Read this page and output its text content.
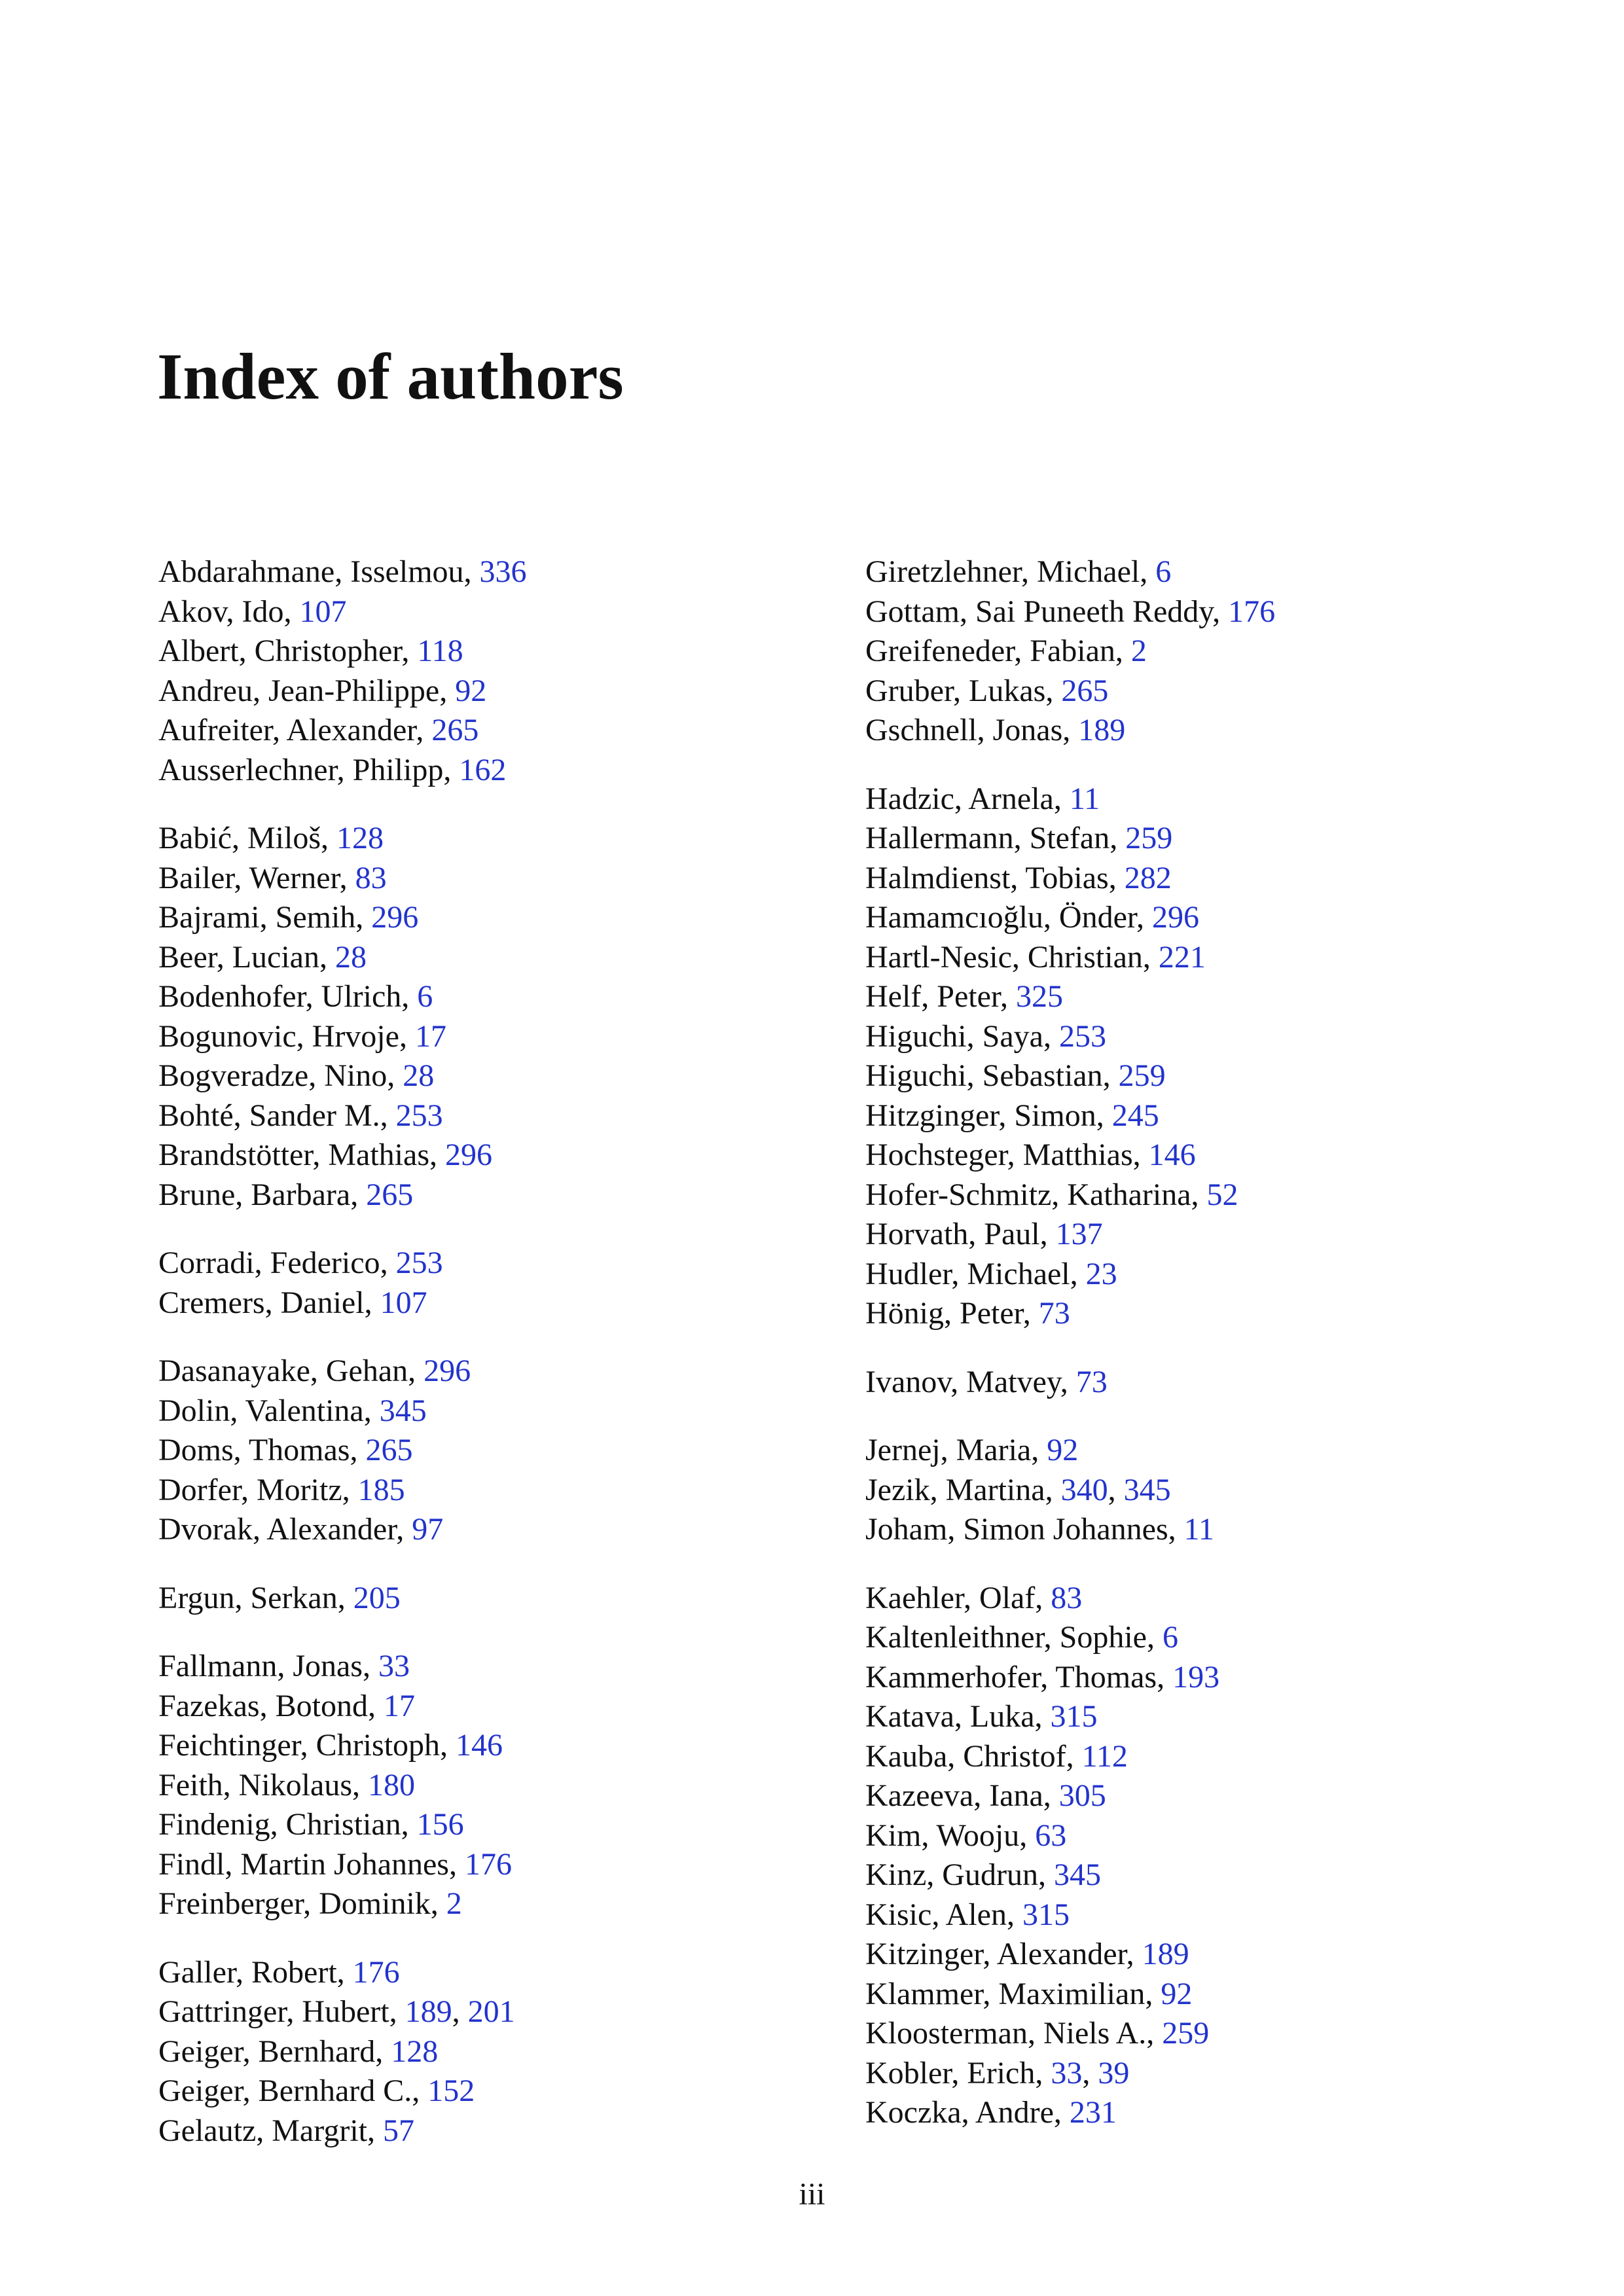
Index of authors
Abdarahmane, Isselmou, 336
Akov, Ido, 107
Albert, Christopher, 118
Andreu, Jean-Philippe, 92
Aufreiter, Alexander, 265
Ausserlechner, Philipp, 162
Babić, Miloš, 128
Bailer, Werner, 83
Bajrami, Semih, 296
Beer, Lucian, 28
Bodenhofer, Ulrich, 6
Bogunovic, Hrvoje, 17
Bogveradze, Nino, 28
Bohté, Sander M., 253
Brandstötter, Mathias, 296
Brune, Barbara, 265
Corradi, Federico, 253
Cremers, Daniel, 107
Dasanayake, Gehan, 296
Dolin, Valentina, 345
Doms, Thomas, 265
Dorfer, Moritz, 185
Dvorak, Alexander, 97
Ergun, Serkan, 205
Fallmann, Jonas, 33
Fazekas, Botond, 17
Feichtinger, Christoph, 146
Feith, Nikolaus, 180
Findenig, Christian, 156
Findl, Martin Johannes, 176
Freinberger, Dominik, 2
Galler, Robert, 176
Gattringer, Hubert, 189, 201
Geiger, Bernhard, 128
Geiger, Bernhard C., 152
Gelautz, Margrit, 57
Giretzlehner, Michael, 6
Gottam, Sai Puneeth Reddy, 176
Greifeneder, Fabian, 2
Gruber, Lukas, 265
Gschnell, Jonas, 189
Hadzic, Arnela, 11
Hallermann, Stefan, 259
Halmdienst, Tobias, 282
Hamamcıoğlu, Önder, 296
Hartl-Nesic, Christian, 221
Helf, Peter, 325
Higuchi, Saya, 253
Higuchi, Sebastian, 259
Hitzginger, Simon, 245
Hochsteger, Matthias, 146
Hofer-Schmitz, Katharina, 52
Horvath, Paul, 137
Hudler, Michael, 23
Hönig, Peter, 73
Ivanov, Matvey, 73
Jernej, Maria, 92
Jezik, Martina, 340, 345
Joham, Simon Johannes, 11
Kaehler, Olaf, 83
Kaltenleithner, Sophie, 6
Kammerhofer, Thomas, 193
Katava, Luka, 315
Kauba, Christof, 112
Kazeeva, Iana, 305
Kim, Wooju, 63
Kinz, Gudrun, 345
Kisic, Alen, 315
Kitzinger, Alexander, 189
Klammer, Maximilian, 92
Kloosterman, Niels A., 259
Kobler, Erich, 33, 39
Koczka, Andre, 231
iii
